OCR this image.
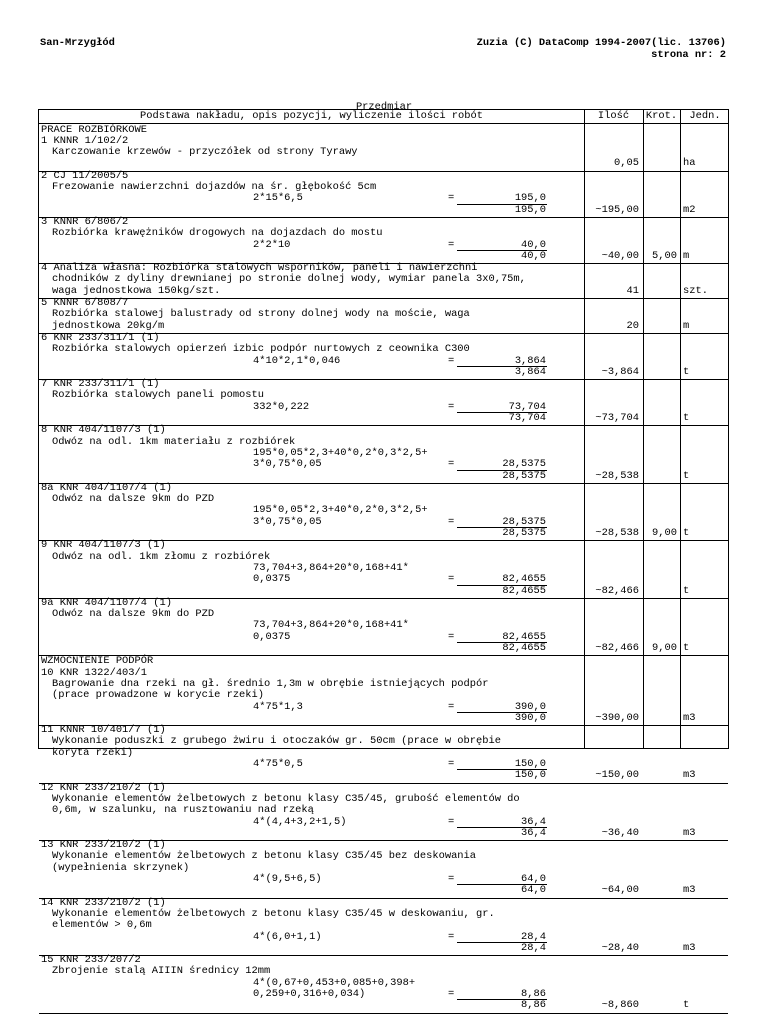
San-Mrzygłód	Zuzia (C) DataComp 1994-2007(lic. 13706)
strona nr: 2
Przedmiar
Podstawa nakładu, opis pozycji, wyliczenie ilości robót	Ilość	Krot.	Jedn.
PRACE ROZBIÓRKOWE
1 KNNR 1/102/2
Karczowanie krzewów - przyczółek od strony Tyrawy
0,05	ha
2 CJ 11/2005/5
Frezowanie nawierzchni dojazdów na śr. głębokość 5cm
2*15*6,5	=	195,0
195,0	~195,00	m2
3 KNNR 6/806/2
Rozbiórka krawężników drogowych na dojazdach do mostu
2*2*10	=	40,0
40,0	~40,00	5,00 m
4 Analiza własna: Rozbiórka stalowych wsporników, paneli i nawierzchni
chodników z dyliny drewnianej po stronie dolnej wody, wymiar panela 3x0,75m,
waga jednostkowa 150kg/szt.	41	szt.
5 KNNR 6/808/7
Rozbiórka stalowej balustrady od strony dolnej wody na moście, waga
jednostkowa 20kg/m	20	m
6 KNR 233/311/1 (1)
Rozbiórka stalowych opierzeń izbic podpór nurtowych z ceownika C300
4*10*2,1*0,046	=	3,864
3,864	~3,864	t
7 KNR 233/311/1 (1)
Rozbiórka stalowych paneli pomostu
332*0,222	=	73,704
73,704	~73,704	t
8 KNR 404/1107/3 (1)
Odwóz na odl. 1km materiału z rozbiórek
195*0,05*2,3+40*0,2*0,3*2,5+
3*0,75*0,05	=	28,5375
28,5375	~28,538	t
8a KNR 404/1107/4 (1)
Odwóz na dalsze 9km do PZD
195*0,05*2,3+40*0,2*0,3*2,5+
3*0,75*0,05	=	28,5375
28,5375	~28,538	9,00 t
9 KNR 404/1107/3 (1)
Odwóz na odl. 1km złomu z rozbiórek
73,704+3,864+20*0,168+41*
0,0375	=	82,4655
82,4655	~82,466	t
9a KNR 404/1107/4 (1)
Odwóz na dalsze 9km do PZD
73,704+3,864+20*0,168+41*
0,0375	=	82,4655
82,4655	~82,466	9,00 t
WZMOCNIENIE PODPÓR
10 KNR 1322/403/1
Bagrowanie dna rzeki na gł. średnio 1,3m w obrębie istniejących podpór
(prace prowadzone w korycie rzeki)
4*75*1,3	=	390,0
390,0	~390,00	m3
11 KNNR 10/401/7 (1)
Wykonanie poduszki z grubego żwiru i otoczaków gr. 50cm (prace w obrębie
koryta rzeki)
4*75*0,5	=	150,0
150,0	~150,00	m3
12 KNR 233/210/2 (1)
Wykonanie elementów żelbetowych z betonu klasy C35/45, grubość elementów do
0,6m, w szalunku, na rusztowaniu nad rzeką
4*(4,4+3,2+1,5)	=	36,4
36,4	~36,40	m3
13 KNR 233/210/2 (1)
Wykonanie elementów żelbetowych z betonu klasy C35/45 bez deskowania
(wypełnienia skrzynek)
4*(9,5+6,5)	=	64,0
64,0	~64,00	m3
14 KNR 233/210/2 (1)
Wykonanie elementów żelbetowych z betonu klasy C35/45 w deskowaniu, gr.
elementów > 0,6m
4*(6,0+1,1)	=	28,4
28,4	~28,40	m3
15 KNR 233/207/2
Zbrojenie stalą AIIIN średnicy 12mm
4*(0,67+0,453+0,085+0,398+
0,259+0,316+0,034)	=	8,86
8,86	~8,860	t
